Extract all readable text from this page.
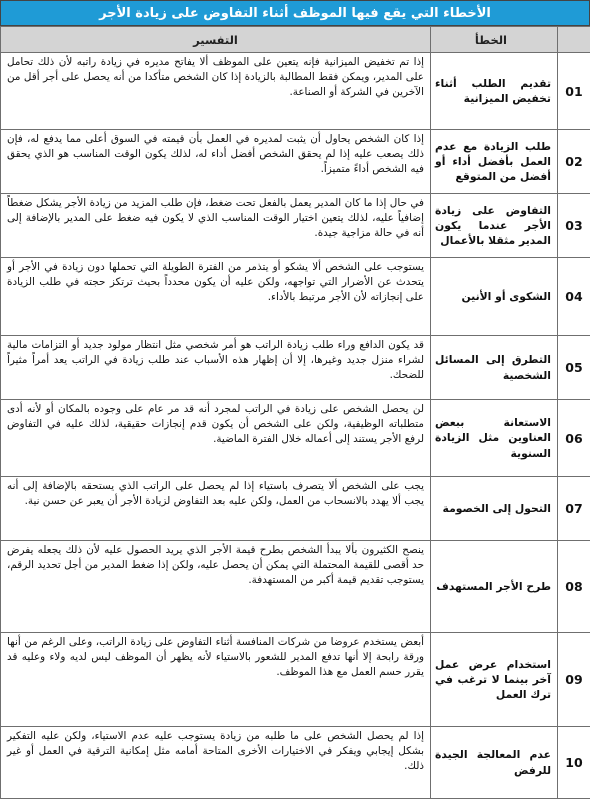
الأخطاء التي يقع فيها الموظف أثناء التفاوض على زيادة الأجر
	الخطأ	التفسير
01	تقديم الطلب أثناء تخفيض الميزانية	إذا تم تخفيض الميزانية فإنه يتعين على الموظف ألا يفاتح مديره في زيادة راتبه لأن ذلك تحامل على المدير، ويمكن فقط المطالبة بالزيادة إذا كان الشخص متأكدا من أنه يحصل على أجر أقل من الآخرين في الشركة أو الصناعة.
02	طلب الزيادة مع عدم العمل بأفضل أداء أو أفضل من المتوقع	إذا كان الشخص يحاول أن يثبت لمديره في العمل بأن قيمته في السوق أعلى مما يدفع له، فإن ذلك يصعب عليه إذا لم يحقق الشخص أفضل أداء له، لذلك يكون الوقت المناسب هو الذي يحقق فيه الشخص أداءً متميزاً.
03	التفاوض على زيادة الأجر عندما يكون المدير مثقلا بالأعمال	في حال إذا ما كان المدير يعمل بالفعل تحت ضغط، فإن طلب المزيد من زيادة الأجر يشكل ضغطاً إضافياً عليه، لذلك يتعين اختيار الوقت المناسب الذي لا يكون فيه ضغط على المدير بالإضافة إلى أنه في حالة مزاجية جيدة.
04	الشكوى أو الأنين	يستوجب على الشخص ألا يشكو أو يتذمر من الفترة الطويلة التي تحملها دون زيادة في الأجر أو يتحدث عن الأضرار التي تواجهه، ولكن عليه أن يكون محدداً بحيث ترتكز حجته في طلب الزيادة على إنجازاته لأن الأجر مرتبط بالأداء.
05	التطرق إلى المسائل الشخصية	قد يكون الدافع وراء طلب زيادة الراتب هو أمر شخصي مثل انتظار مولود جديد أو التزامات مالية لشراء منزل جديد وغيرها، إلا أن إظهار هذه الأسباب عند طلب زيادة في الراتب يعد أمراً مثيراً للضحك.
06	الاستعانة ببعض العناوين مثل الزيادة السنوية	لن يحصل الشخص على زيادة في الراتب لمجرد أنه قد مر عام على وجوده بالمكان أو لأنه أدى متطلباته الوظيفية، ولكن على الشخص أن يكون قدم إنجازات حقيقية، لذلك عليه في التفاوض لرفع الأجر يستند إلى أعماله خلال الفترة الماضية.
07	التحول إلى الخصومة	يجب على الشخص ألا يتصرف باستياء إذا لم يحصل على الراتب الذي يستحقه بالإضافة إلى أنه يجب ألا يهدد بالانسحاب من العمل، ولكن عليه بعد التفاوض لزيادة الأجر أن يعبر عن حسن نية.
08	طرح الأجر المستهدف	ينصح الكثيرون بألا يبدأ الشخص بطرح قيمة الأجر الذي يريد الحصول عليه لأن ذلك يجعله يفرض حد أقصى للقيمة المحتملة التي يمكن أن يحصل عليه، ولكن إذا ضغط المدير من أجل تحديد الرقم، يستوجب تقديم قيمة أكبر من المستهدفة.
09	استخدام عرض عمل آخر بينما لا ترغب في ترك العمل	أبعض يستخدم عروضا من شركات المنافسة أثناء التفاوض على زيادة الراتب، وعلى الرغم من أنها ورقة رابحة إلا أنها تدفع المدير للشعور بالاستياء لأنه يظهر أن الموظف ليس لديه ولاء وعليه قد يقرر حسم العمل مع هذا الموظف.
10	عدم المعالجة الجيدة للرفض	إذا لم يحصل الشخص على ما طلبه من زيادة يستوجب عليه عدم الاستياء، ولكن عليه التفكير بشكل إيجابي ويفكر في الاختيارات الأخرى المتاحة أمامه مثل إمكانية الترقية في العمل أو غير ذلك.
